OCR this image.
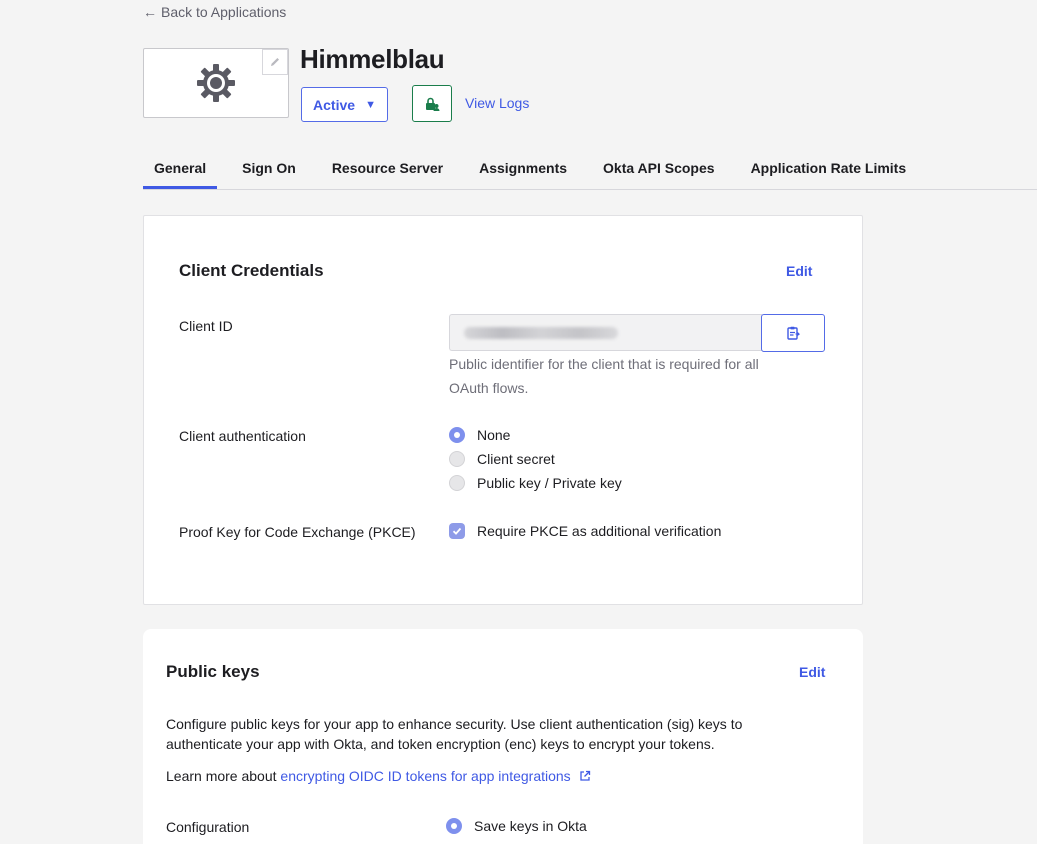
← Back to Applications
Himmelblau
Active ▼	View Logs
General	Sign On	Resource Server	Assignments	Okta API Scopes	Application Rate Limits
Client Credentials	Edit
Client ID
Public identifier for the client that is required for all OAuth flows.
Client authentication	None
Client secret
Public key / Private key
Proof Key for Code Exchange (PKCE)	Require PKCE as additional verification
Public keys	Edit
Configure public keys for your app to enhance security. Use client authentication (sig) keys to authenticate your app with Okta, and token encryption (enc) keys to encrypt your tokens.
Learn more about encrypting OIDC ID tokens for app integrations
Configuration	Save keys in Okta
